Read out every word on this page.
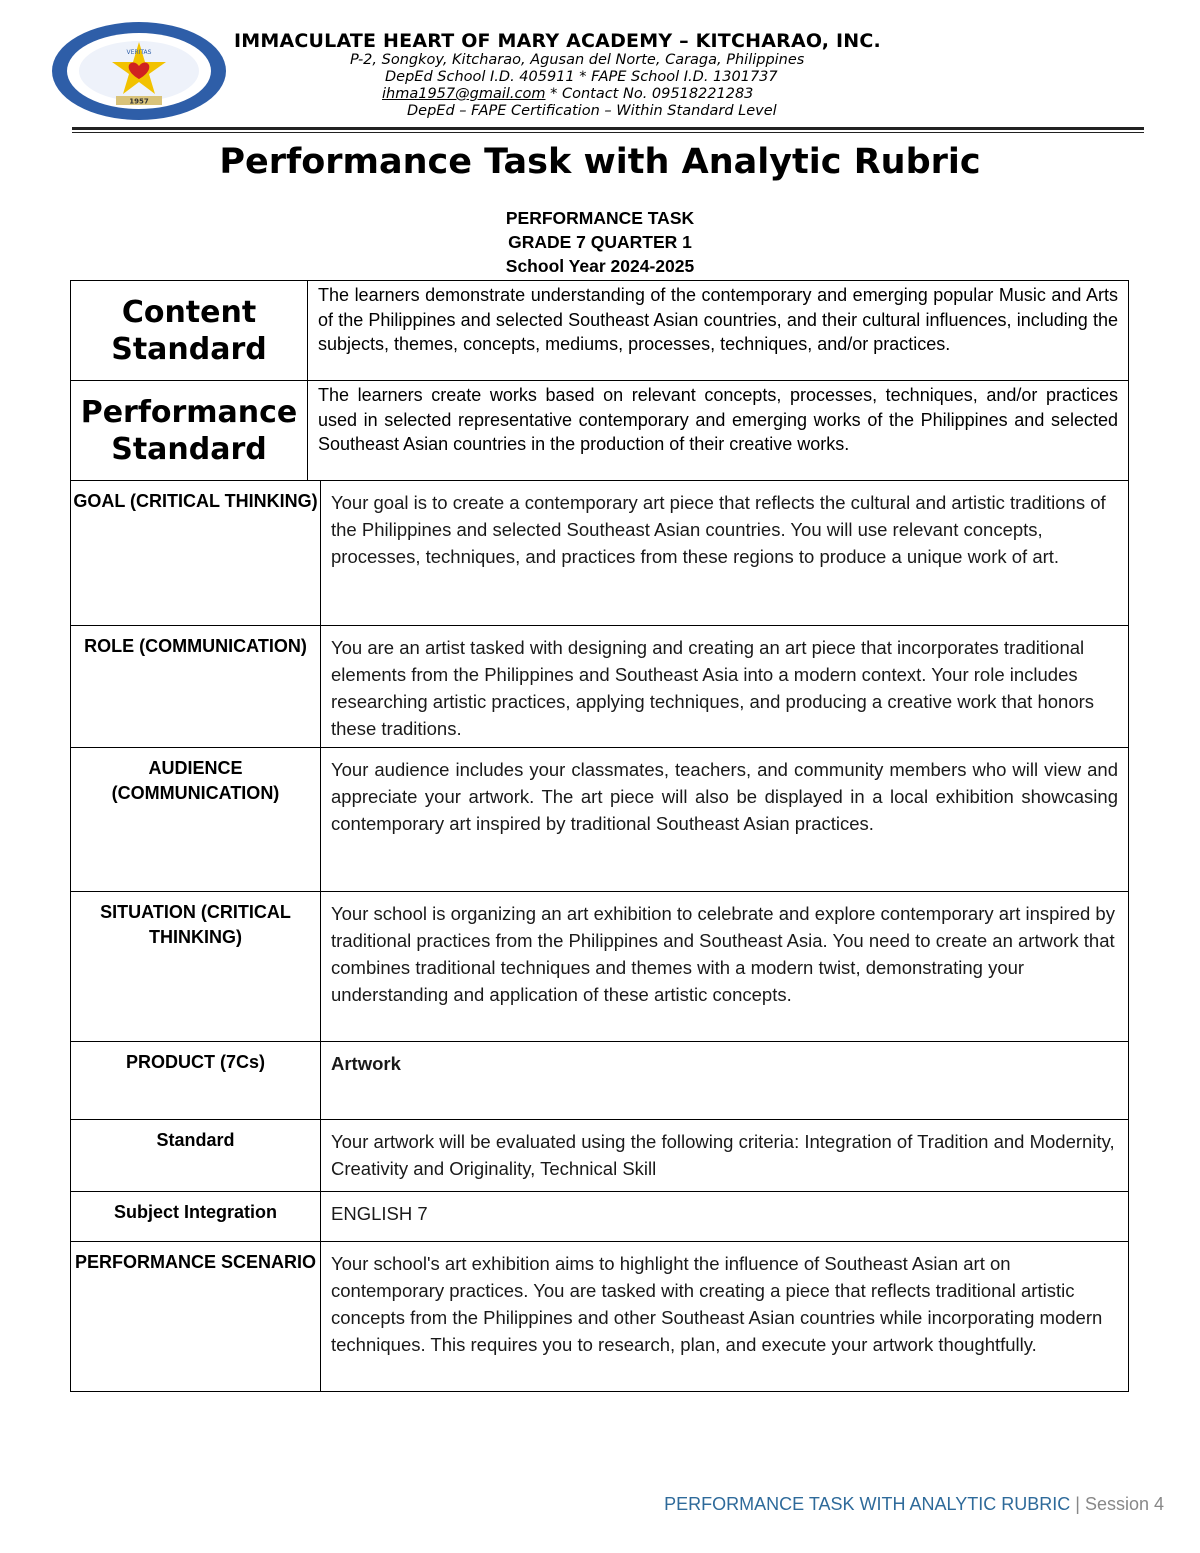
VERITAS
1957

IMMACULATE HEART OF MARY ACADEMY – KITCHARAO, INC.

P-2, Songkoy, Kitcharao, Agusan del Norte, Caraga, Philippines

DepEd School I.D. 405911 * FAPE School I.D. 1301737

ihma1957@gmail.com * Contact No. 09518221283

DepEd – FAPE Certification – Within Standard Level

Performance Task with Analytic Rubric
PERFORMANCE TASK
GRADE 7 QUARTER 1
School Year 2024-2025
Content Standard	The learners demonstrate understanding of the contemporary and emerging popular Music and Arts of the Philippines and selected Southeast Asian countries, and their cultural influences, including the subjects, themes, concepts, mediums, processes, techniques, and/or practices.
Performance Standard	The learners create works based on relevant concepts, processes, techniques, and/or practices used in selected representative contemporary and emerging works of the Philippines and selected Southeast Asian countries in the production of their creative works.
GOAL (CRITICAL THINKING)	Your goal is to create a contemporary art piece that reflects the cultural and artistic traditions of the Philippines and selected Southeast Asian countries. You will use relevant concepts, processes, techniques, and practices from these regions to produce a unique work of art.
ROLE (COMMUNICATION)	You are an artist tasked with designing and creating an art piece that incorporates traditional elements from the Philippines and Southeast Asia into a modern context. Your role includes researching artistic practices, applying techniques, and producing a creative work that honors these traditions.
AUDIENCE (COMMUNICATION)	Your audience includes your classmates, teachers, and community members who will view and appreciate your artwork. The art piece will also be displayed in a local exhibition showcasing contemporary art inspired by traditional Southeast Asian practices.
SITUATION (CRITICAL THINKING)	Your school is organizing an art exhibition to celebrate and explore contemporary art inspired by traditional practices from the Philippines and Southeast Asia. You need to create an artwork that combines traditional techniques and themes with a modern twist, demonstrating your understanding and application of these artistic concepts.
PRODUCT (7Cs)	Artwork
Standard	Your artwork will be evaluated using the following criteria: Integration of Tradition and Modernity, Creativity and Originality, Technical Skill
Subject Integration	ENGLISH 7
PERFORMANCE SCENARIO	Your school's art exhibition aims to highlight the influence of Southeast Asian art on contemporary practices. You are tasked with creating a piece that reflects traditional artistic concepts from the Philippines and other Southeast Asian countries while incorporating modern techniques. This requires you to research, plan, and execute your artwork thoughtfully.
PERFORMANCE TASK WITH ANALYTIC RUBRIC | Session 4
